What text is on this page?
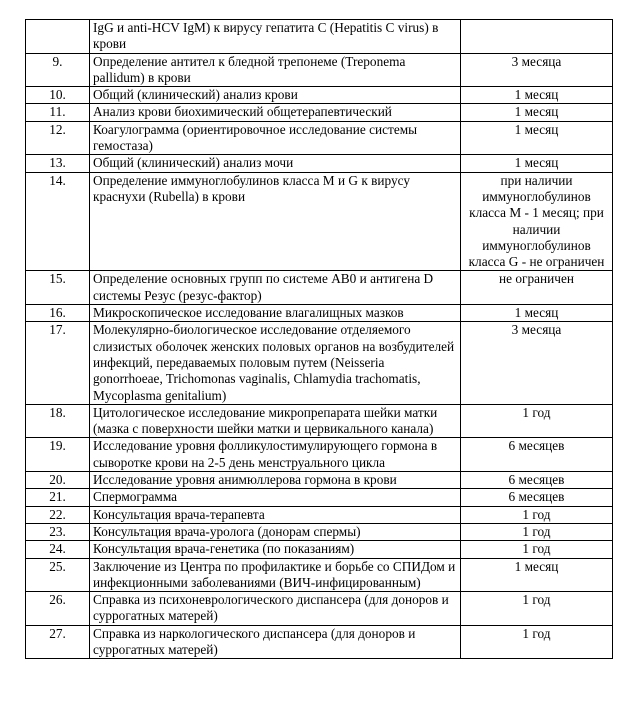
	IgG и anti-HCV IgM) к вирусу гепатита С (Hepatitis C virus) в крови	
9.	Определение антител к бледной трепонеме (Treponema pallidum) в крови	3 месяца
10.	Общий (клинический) анализ крови	1 месяц
11.	Анализ крови биохимический общетерапевтический	1 месяц
12.	Коагулограмма (ориентировочное исследование системы гемостаза)	1 месяц
13.	Общий (клинический) анализ мочи	1 месяц
14.	Определение иммуноглобулинов класса М и G к вирусу краснухи (Rubella) в крови	при наличии иммуноглобулинов класса М - 1 месяц; при наличии иммуноглобулинов класса G - не ограничен
15.	Определение основных групп по системе АВ0 и антигена D системы Резус (резус-фактор)	не ограничен
16.	Микроскопическое исследование влагалищных мазков	1 месяц
17.	Молекулярно-биологическое исследование отделяемого слизистых оболочек женских половых органов на возбудителей инфекций, передаваемых половым путем (Neisseria gonorrhoeae, Trichomonas vaginalis, Chlamydia trachomatis, Mycoplasma genitalium)	3 месяца
18.	Цитологическое исследование микропрепарата шейки матки (мазка с поверхности шейки матки и цервикального канала)	1 год
19.	Исследование уровня фолликулостимулирующего гормона в сыворотке крови на 2-5 день менструального цикла	6 месяцев
20.	Исследование уровня анимюллерова гормона в крови	6 месяцев
21.	Спермограмма	6 месяцев
22.	Консультация врача-терапевта	1 год
23.	Консультация врача-уролога (донорам спермы)	1 год
24.	Консультация врача-генетика (по показаниям)	1 год
25.	Заключение из Центра по профилактике и борьбе со СПИДом и инфекционными заболеваниями (ВИЧ-инфицированным)	1 месяц
26.	Справка из психоневрологического диспансера (для доноров и суррогатных матерей)	1 год
27.	Справка из наркологического диспансера (для доноров и суррогатных матерей)	1 год
